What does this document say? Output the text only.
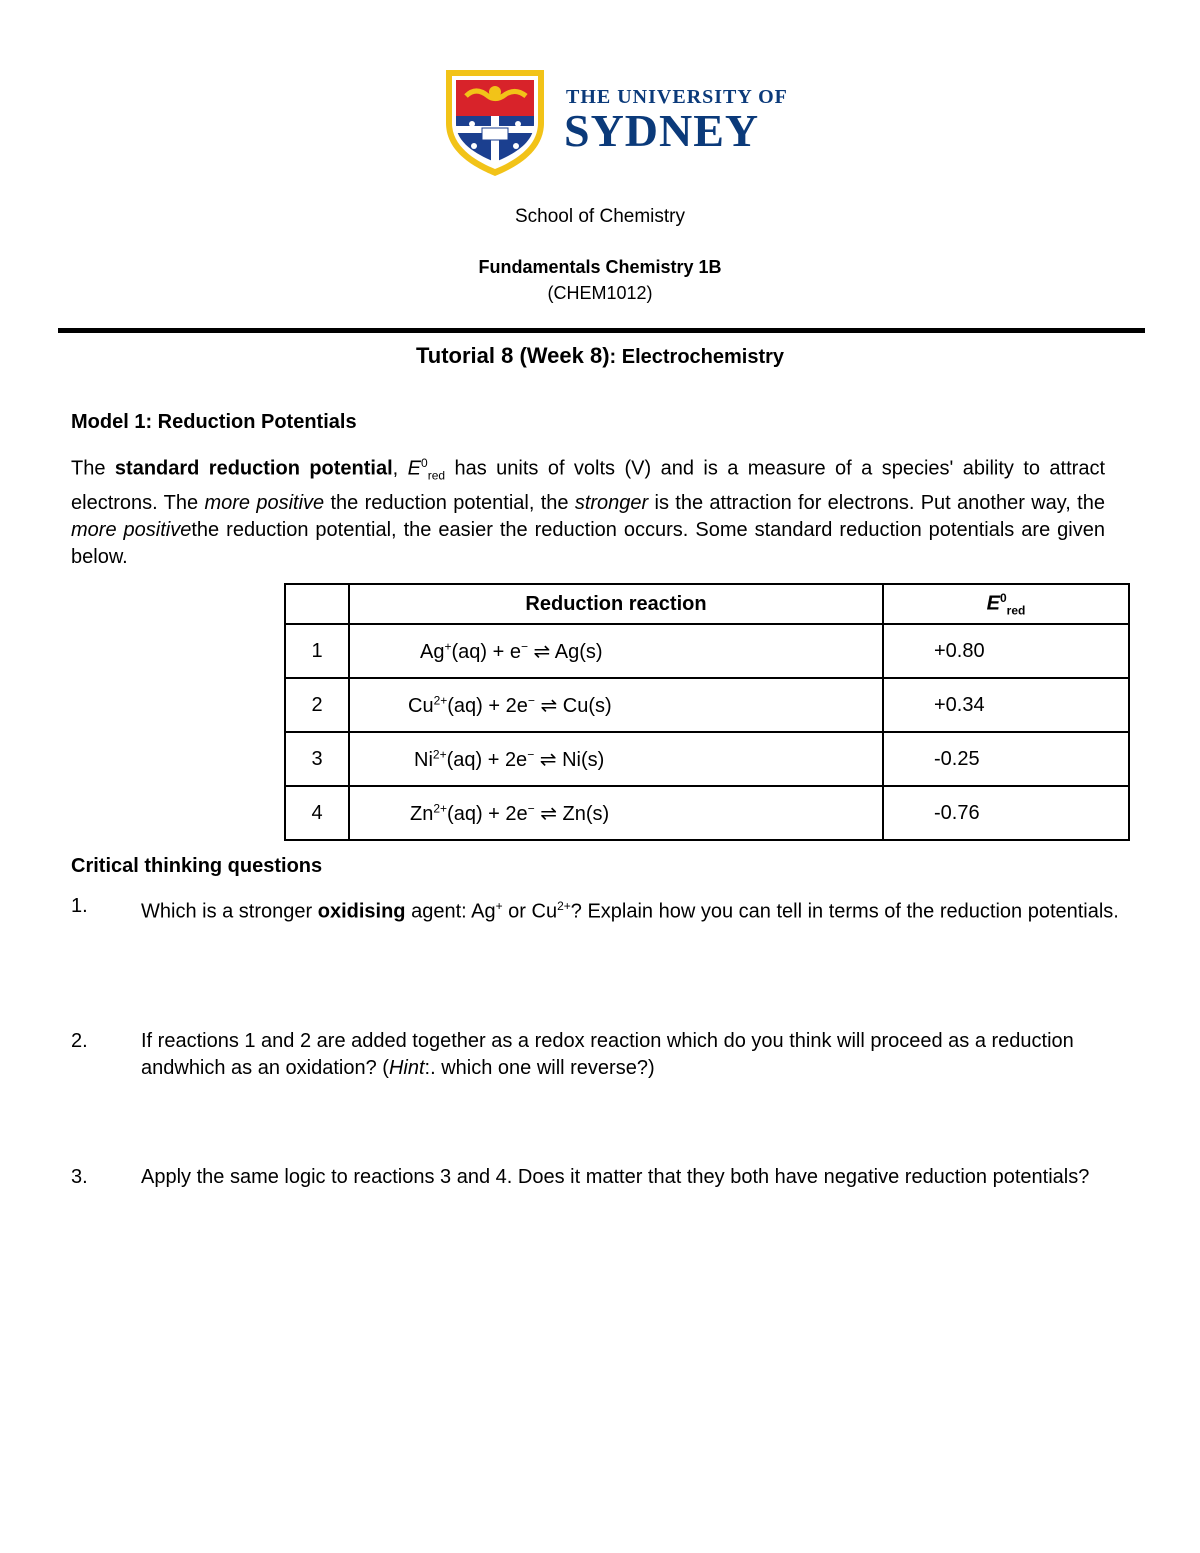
THE UNIVERSITY OF
SYDNEY
School of Chemistry
Fundamentals Chemistry 1B
(CHEM1012)
Tutorial 8 (Week 8): Electrochemistry
Model 1: Reduction Potentials
The standard reduction potential, $E^0_{red}$ has units of volts (V) and is a measure of a species' ability to attract electrons. The more positive the reduction potential, the stronger is the attraction for electrons. Put another way, the more positivethe reduction potential, the easier the reduction occurs. Some standard reduction potentials are given below.
	Reduction reaction	$E^0_{red}$
1	Ag+(aq) + e− ⇌ Ag(s)	+0.80
2	$Cu^{2+}(aq) + 2e^-$ ⇌ Cu(s)	+0.34
3	$Ni^{2+}(aq) + 2e^-$ ⇌ Ni(s)	-0.25
4	$Zn^{2+}(aq) + 2e^-$ ⇌ Zn(s)	-0.76
Critical thinking questions
1.	Which is a stronger oxidising agent: Ag+ or $Cu^{2+}$? Explain how you can tell in terms of the reduction potentials.
2.	If reactions 1 and 2 are added together as a redox reaction which do you think will proceed as a reduction andwhich as an oxidation? (Hint:. which one will reverse?)
3.	Apply the same logic to reactions 3 and 4. Does it matter that they both have negative reduction potentials?
